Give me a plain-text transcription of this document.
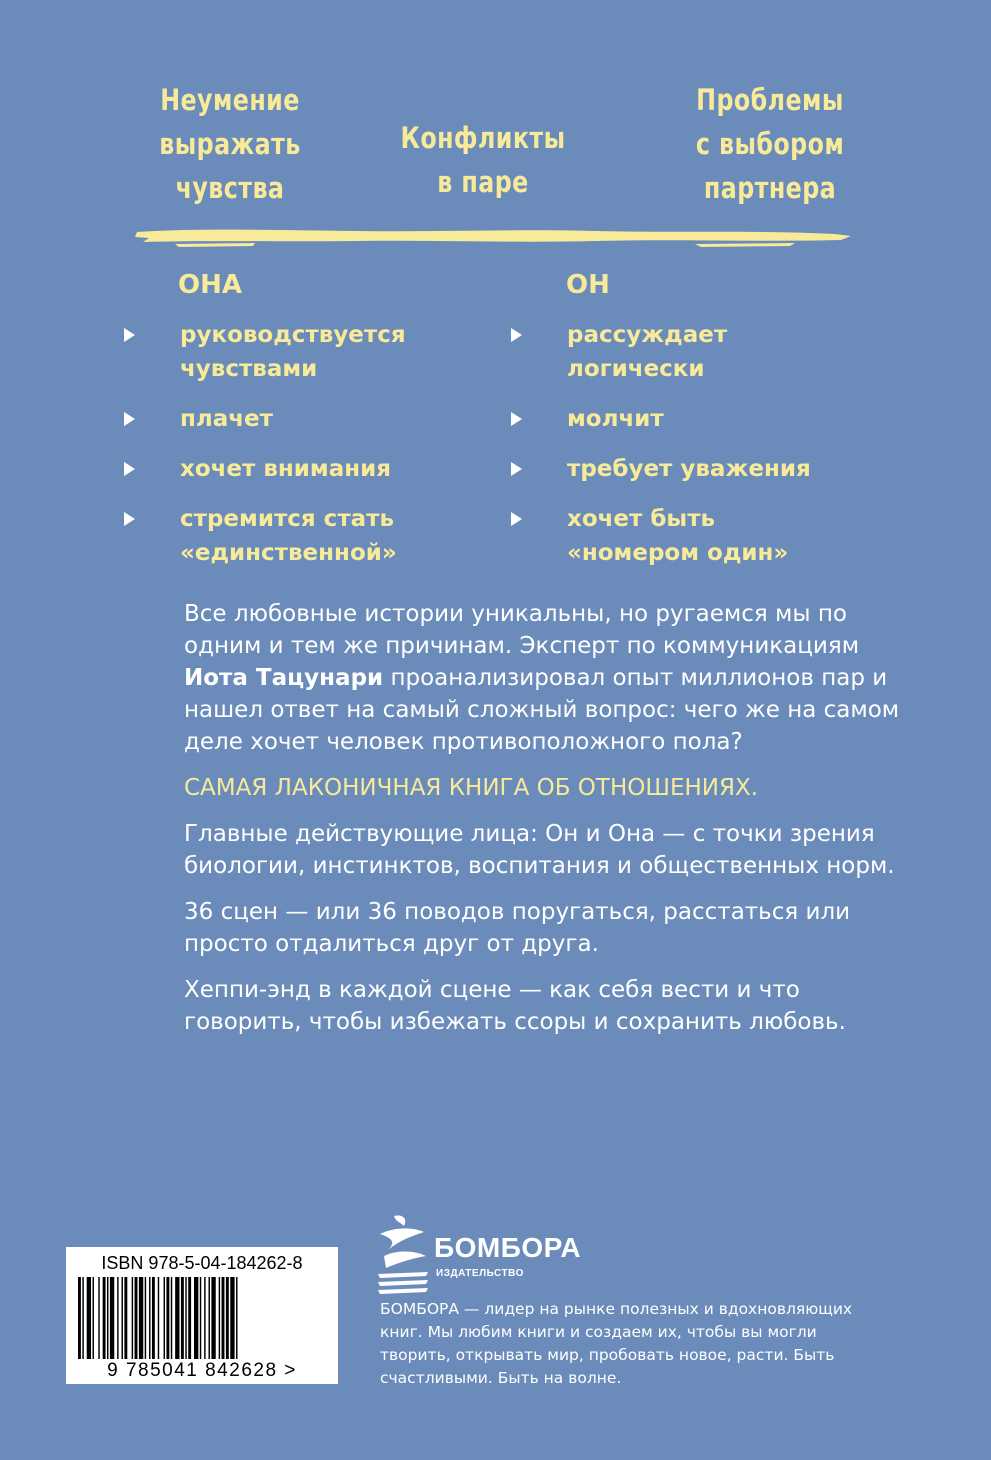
Неумение
выражать
чувства
Конфликты
в паре
Проблемы
с выбором
партнера
ОНА	ОН
руководствуется
чувствами
плачет
хочет внимания
стремится стать
«единственной»
рассуждает
логически
молчит
требует уважения
хочет быть
«номером один»

Все любовные истории уникальны, но ругаемся мы по одним и тем же причинам. Эксперт по коммуникациям Иота Тацунари проанализировал опыт миллионов пар и нашел ответ на самый сложный вопрос: чего же на самом деле хочет человек противоположного пола?

САМАЯ ЛАКОНИЧНАЯ КНИГА ОБ ОТНОШЕНИЯХ.

Главные действующие лица: Он и Она — с точки зрения биологии, инстинктов, воспитания и общественных норм.

36 сцен — или 36 поводов поругаться, расстаться или просто отдалиться друг от друга.

Хеппи-энд в каждой сцене — как себя вести и что говорить, чтобы избежать ссоры и сохранить любовь.

ISBN 978-5-04-184262-8
9 785041 842628 >
БОМБОРА
ИЗДАТЕЛЬСТВО
БОМБОРА — лидер на рынке полезных и вдохновляющих книг. Мы любим книги и создаем их, чтобы вы могли творить, открывать мир, пробовать новое, расти. Быть счастливыми. Быть на волне.
